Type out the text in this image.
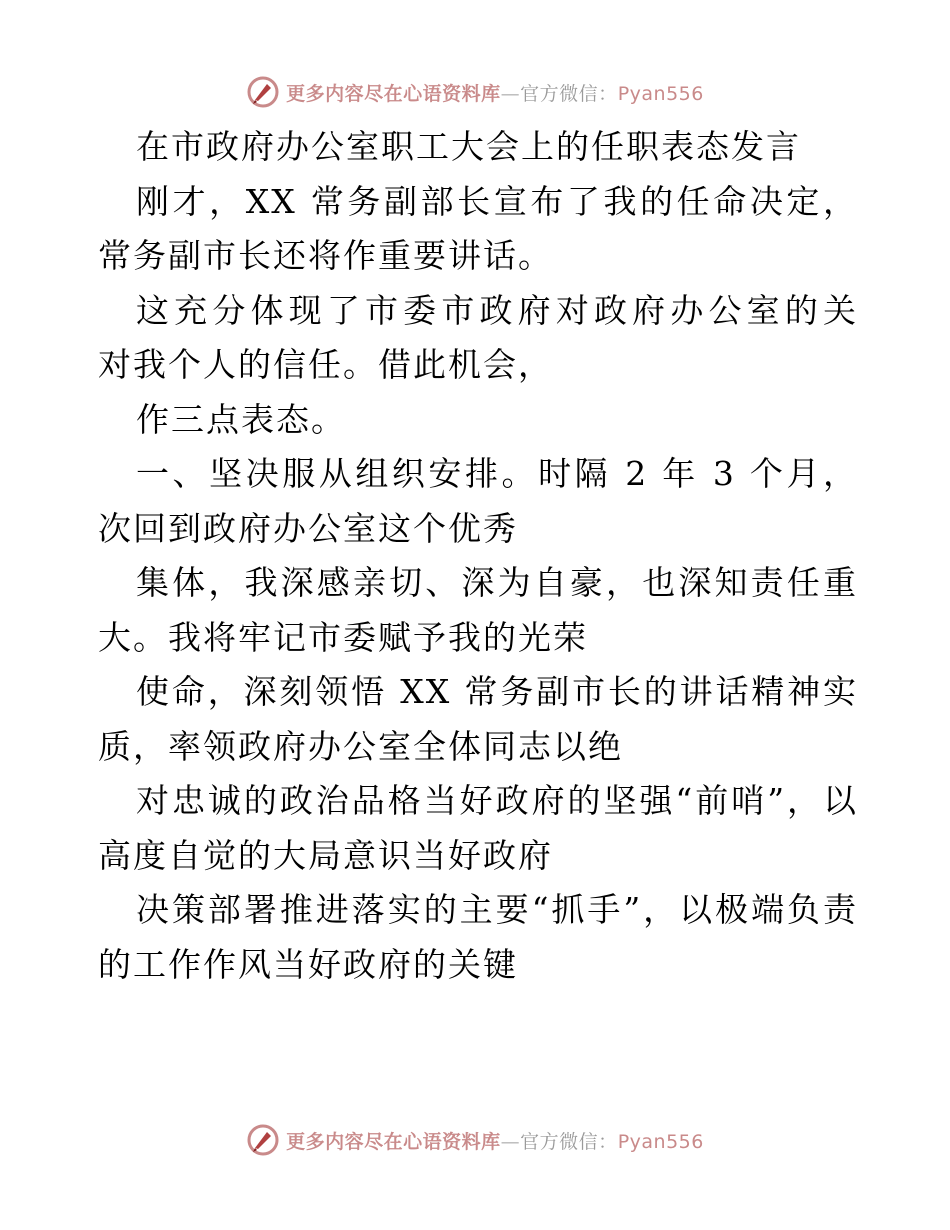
更多内容尽在心语资料库—官方微信：Pyan556
在市政府办公室职工大会上的任职表态发言
刚才，XX 常务副部长宣布了我的任命决定，
常务副市长还将作重要讲话。
这充分体现了市委市政府对政府办公室的关
对我个人的信任。借此机会，
作三点表态。
一、坚决服从组织安排。时隔 2 年 3 个月，
次回到政府办公室这个优秀
集体，我深感亲切、深为自豪，也深知责任重
大。我将牢记市委赋予我的光荣
使命，深刻领悟 XX 常务副市长的讲话精神实
质，率领政府办公室全体同志以绝
对忠诚的政治品格当好政府的坚强“前哨”，以
高度自觉的大局意识当好政府
决策部署推进落实的主要“抓手”，以极端负责
的工作作风当好政府的关键
更多内容尽在心语资料库—官方微信：Pyan556
